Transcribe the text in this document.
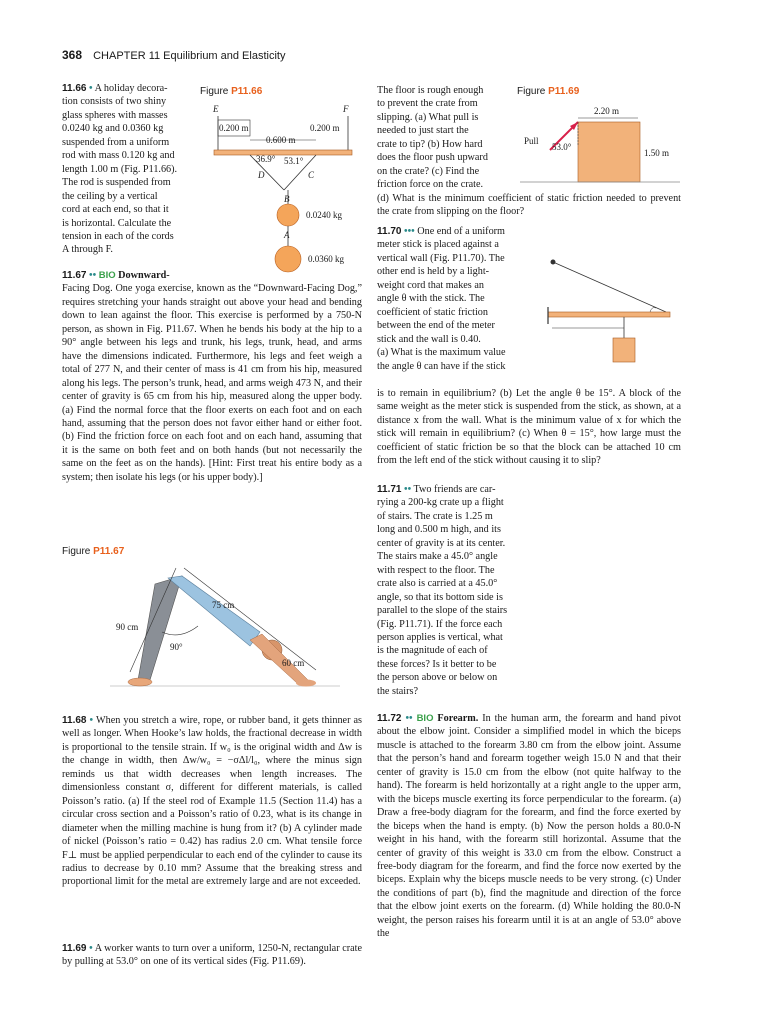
368 CHAPTER 11 Equilibrium and Elasticity

11.66 • A holiday decora-

tion consists of two shiny

glass spheres with masses

0.0240 kg and 0.0360 kg

suspended from a uniform

rod with mass 0.120 kg and

length 1.00 m (Fig. P11.66).

The rod is suspended from

the ceiling by a vertical

cord at each end, so that it

is horizontal. Calculate the

tension in each of the cords

A through F.

Figure P11.66
E	F
0.200 m	0.200 m
0.600 m
36.9° 53.1°
D	C
B
0.0240 kg
A
0.0360 kg

11.67 •• BIO Downward-

Facing Dog. One yoga exercise, known as the “Downward-Facing Dog,” requires stretching your hands straight out above your head and bending down to lean against the floor. This exercise is performed by a 750-N person, as shown in Fig. P11.67. When he bends his body at the hip to a 90° angle between his legs and trunk, his legs, trunk, head, and arms have the dimensions indicated. Furthermore, his legs and feet weigh a total of 277 N, and their center of mass is 41 cm from his hip, measured along his legs. The person’s trunk, head, and arms weigh 473 N, and their center of gravity is 65 cm from his hip, measured along the upper body. (a) Find the normal force that the floor exerts on each foot and on each hand, assuming that the person does not favor either hand or either foot. (b) Find the friction force on each foot and on each hand, assuming that it is the same on both feet and on both hands (but not necessarily the same on the feet as on the hands). [Hint: First treat his entire body as a system; then isolate his legs (or his upper body).]

Figure P11.67
75 cm
90 cm
90°
60 cm

11.68 • When you stretch a wire, rope, or rubber band, it gets thinner as well as longer. When Hooke’s law holds, the fractional decrease in width is proportional to the tensile strain. If w₀ is the original width and Δw is the change in width, then Δw/w₀ = −σΔl/l₀, where the minus sign reminds us that width decreases when length increases. The dimensionless constant σ, different for different materials, is called Poisson’s ratio. (a) If the steel rod of Example 11.5 (Section 11.4) has a circular cross section and a Poisson’s ratio of 0.23, what is its change in diameter when the milling machine is hung from it? (b) A cylinder made of nickel (Poisson’s ratio = 0.42) has radius 2.0 cm. What tensile force F⊥ must be applied perpendicular to each end of the cylinder to cause its radius to decrease by 0.10 mm? Assume that the breaking stress and proportional limit for the metal are extremely large and are not exceeded.

11.69 • A worker wants to turn over a uniform, 1250-N, rectangular crate by pulling at 53.0° on one of its vertical sides (Fig. P11.69).

The floor is rough enough

to prevent the crate from

slipping. (a) What pull is

needed to just start the

crate to tip? (b) How hard

does the floor push upward

on the crate? (c) Find the

friction force on the crate.

(d) What is the minimum coefficient of static friction needed to prevent the crate from slipping on the floor?

Figure P11.69
2.20 m
Pull
53.0°
1.50 m

11.70 ••• One end of a uniform

meter stick is placed against a

vertical wall (Fig. P11.70). The

other end is held by a light-

weight cord that makes an

angle θ with the stick. The

coefficient of static friction

between the end of the meter

stick and the wall is 0.40.

(a) What is the maximum value

the angle θ can have if the stick

is to remain in equilibrium? (b) Let the angle θ be 15°. A block of the same weight as the meter stick is suspended from the stick, as shown, at a distance x from the wall. What is the minimum value of x for which the stick will remain in equilibrium? (c) When θ = 15°, how large must the coefficient of static friction be so that the block can be attached 10 cm from the left end of the stick without causing it to slip?

11.71 •• Two friends are car-

rying a 200-kg crate up a flight

of stairs. The crate is 1.25 m

long and 0.500 m high, and its

center of gravity is at its center.

The stairs make a 45.0° angle

with respect to the floor. The

crate also is carried at a 45.0°

angle, so that its bottom side is

parallel to the slope of the stairs

(Fig. P11.71). If the force each

person applies is vertical, what

is the magnitude of each of

these forces? Is it better to be

the person above or below on

the stairs?

11.72 •• BIO Forearm. In the human arm, the forearm and hand pivot about the elbow joint. Consider a simplified model in which the biceps muscle is attached to the forearm 3.80 cm from the elbow joint. Assume that the person’s hand and forearm together weigh 15.0 N and that their center of gravity is 15.0 cm from the elbow (not quite halfway to the hand). The forearm is held horizontally at a right angle to the upper arm, with the biceps muscle exerting its force perpendicular to the forearm. (a) Draw a free-body diagram for the forearm, and find the force exerted by the biceps when the hand is empty. (b) Now the person holds a 80.0-N weight in his hand, with the forearm still horizontal. Assume that the center of gravity of this weight is 33.0 cm from the elbow. Construct a free-body diagram for the forearm, and find the force now exerted by the biceps. Explain why the biceps muscle needs to be very strong. (c) Under the conditions of part (b), find the magnitude and direction of the force that the elbow joint exerts on the forearm. (d) While holding the 80.0-N weight, the person raises his forearm until it is at an angle of 53.0° above the
